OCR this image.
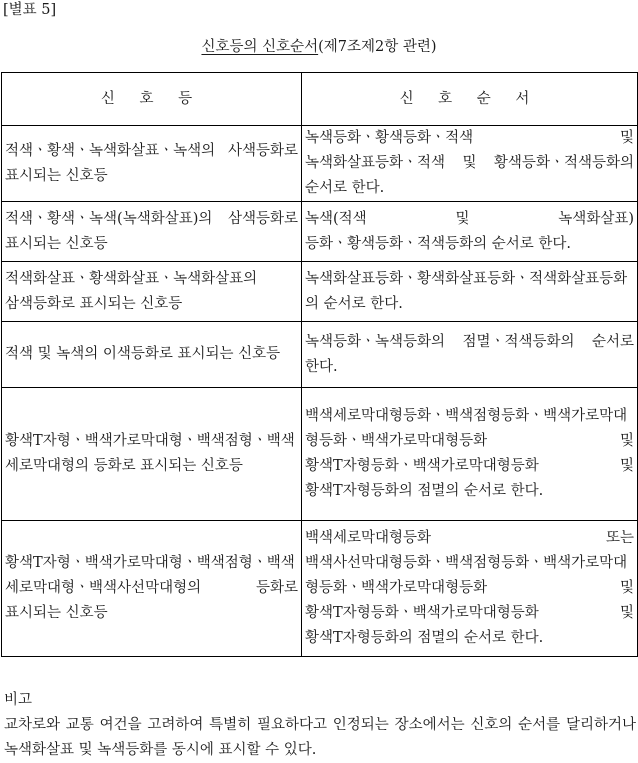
[별표 5]
신호등의 신호순서(제7조제2항 관련)
신 호 등	신 호 순 서
적색ㆍ황색ㆍ녹색화살표ㆍ녹색의 사색등화로 표시되는 신호등	녹색등화ㆍ황색등화ㆍ적색 및 녹색화살표등화ㆍ적색 및 황색등화ㆍ적색등화의 순서로 한다.
적색ㆍ황색ㆍ녹색(녹색화살표)의 삼색등화로 표시되는 신호등	녹색(적색 및 녹색화살표)등화ㆍ황색등화ㆍ적색등화의 순서로 한다.
적색화살표ㆍ황색화살표ㆍ녹색화살표의 삼색등화로 표시되는 신호등	녹색화살표등화ㆍ황색화살표등화ㆍ적색화살표등화의 순서로 한다.
적색 및 녹색의 이색등화로 표시되는 신호등	녹색등화ㆍ녹색등화의 점멸ㆍ적색등화의 순서로 한다.
황색T자형ㆍ백색가로막대형ㆍ백색점형ㆍ백색세로막대형의 등화로 표시되는 신호등	백색세로막대형등화ㆍ백색점형등화ㆍ백색가로막대형등화ㆍ백색가로막대형등화 및 황색T자형등화ㆍ백색가로막대형등화 및 황색T자형등화의 점멸의 순서로 한다.
황색T자형ㆍ백색가로막대형ㆍ백색점형ㆍ백색세로막대형ㆍ백색사선막대형의 등화로 표시되는 신호등	백색세로막대형등화 또는 백색사선막대형등화ㆍ백색점형등화ㆍ백색가로막대형등화ㆍ백색가로막대형등화 및 황색T자형등화ㆍ백색가로막대형등화 및 황색T자형등화의 점멸의 순서로 한다.
비고
교차로와 교통 여건을 고려하여 특별히 필요하다고 인정되는 장소에서는 신호의 순서를 달리하거나 녹색화살표 및 녹색등화를 동시에 표시할 수 있다.
